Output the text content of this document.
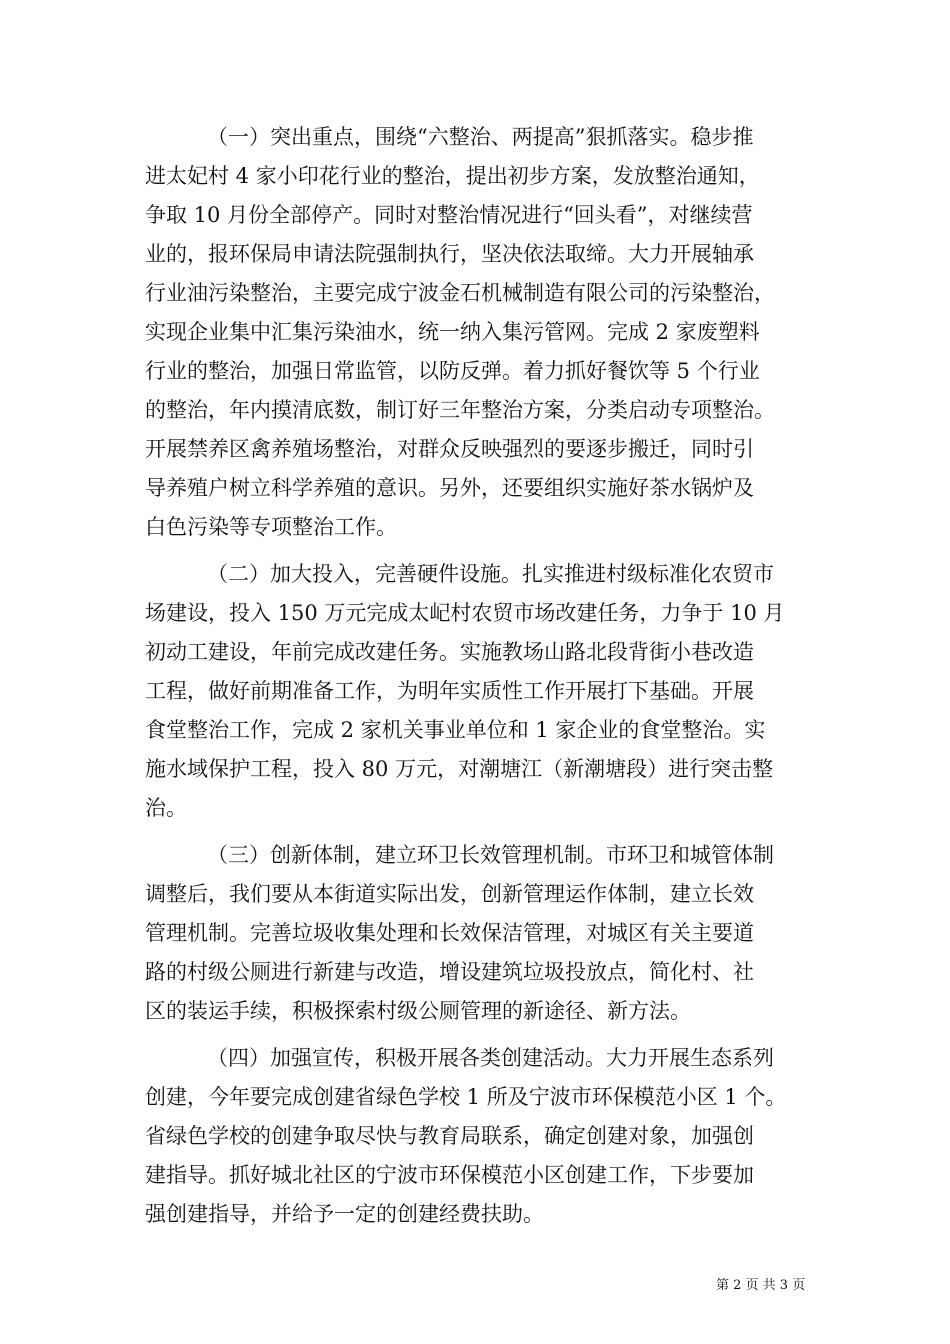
（一）突出重点，围绕“六整治、两提高”狠抓落实。稳步推
进太妃村 4 家小印花行业的整治，提出初步方案，发放整治通知，
争取 10 月份全部停产。同时对整治情况进行“回头看”，对继续营
业的，报环保局申请法院强制执行，坚决依法取缔。大力开展轴承
行业油污染整治，主要完成宁波金石机械制造有限公司的污染整治，
实现企业集中汇集污染油水，统一纳入集污管网。完成 2 家废塑料
行业的整治，加强日常监管，以防反弹。着力抓好餐饮等 5 个行业
的整治，年内摸清底数，制订好三年整治方案，分类启动专项整治。
开展禁养区禽养殖场整治，对群众反映强烈的要逐步搬迁，同时引
导养殖户树立科学养殖的意识。另外，还要组织实施好茶水锅炉及
白色污染等专项整治工作。
（二）加大投入，完善硬件设施。扎实推进村级标准化农贸市
场建设，投入 150 万元完成太屺村农贸市场改建任务，力争于 10 月
初动工建设，年前完成改建任务。实施教场山路北段背街小巷改造
工程，做好前期准备工作，为明年实质性工作开展打下基础。开展
食堂整治工作，完成 2 家机关事业单位和 1 家企业的食堂整治。实
施水域保护工程，投入 80 万元，对潮塘江（新潮塘段）进行突击整
治。
（三）创新体制，建立环卫长效管理机制。市环卫和城管体制
调整后，我们要从本街道实际出发，创新管理运作体制，建立长效
管理机制。完善垃圾收集处理和长效保洁管理，对城区有关主要道
路的村级公厕进行新建与改造，增设建筑垃圾投放点，简化村、社
区的装运手续，积极探索村级公厕管理的新途径、新方法。
（四）加强宣传，积极开展各类创建活动。大力开展生态系列
创建，今年要完成创建省绿色学校 1 所及宁波市环保模范小区 1 个。
省绿色学校的创建争取尽快与教育局联系，确定创建对象，加强创
建指导。抓好城北社区的宁波市环保模范小区创建工作，下步要加
强创建指导，并给予一定的创建经费扶助。
第 2 页 共 3 页
